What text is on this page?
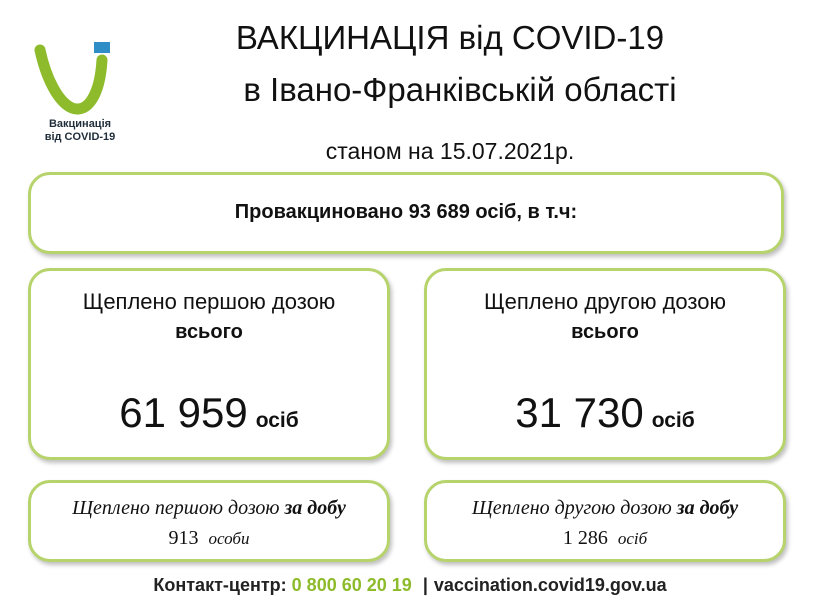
Вакцинація
від COVID-19
ВАКЦИНАЦІЯ від COVID-19
в Івано-Франківській області
станом на 15.07.2021р.
Провакциновано 93 689 осіб, в т.ч:
Щеплено першою дозою
всього
61 959 осіб
Щеплено другою дозою
всього
31 730 осіб
Щеплено першою дозою за добу
913 особи
Щеплено другою дозою за добу
1 286 осіб
Контакт-центр: 0 800 60 20 19 | vaccination.covid19.gov.ua
